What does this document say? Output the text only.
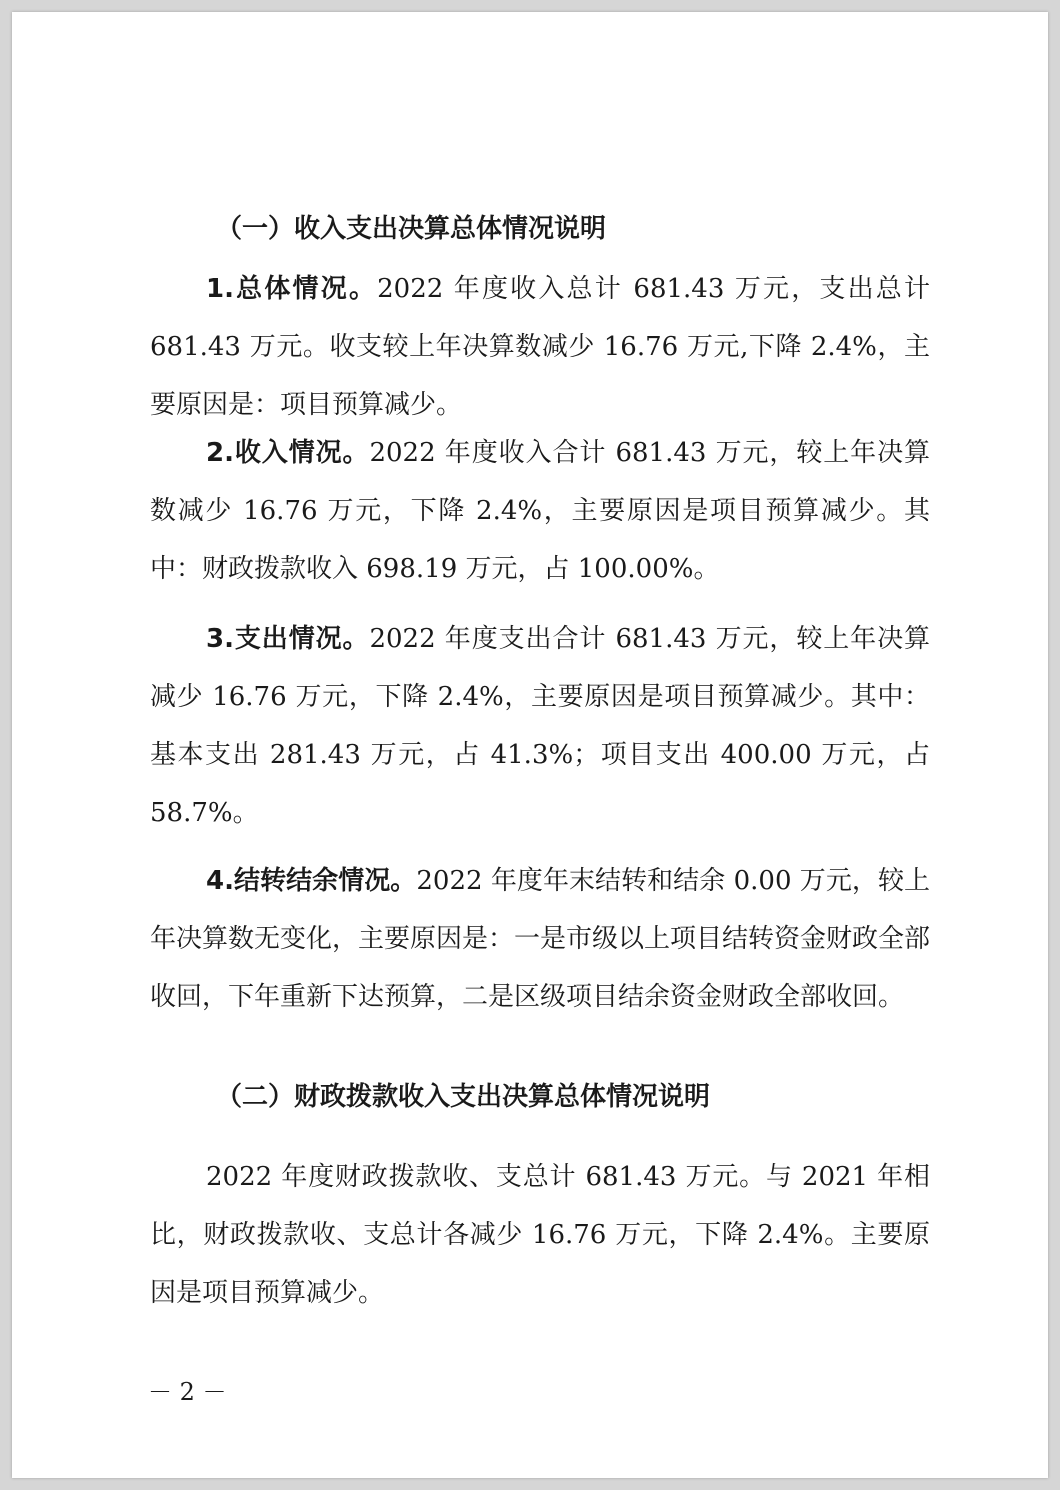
（一）收入支出决算总体情况说明
1.总体情况。2022 年度收入总计 681.43 万元，支出总计 681.43 万元。收支较上年决算数减少 16.76 万元,下降 2.4%，主要原因是：项目预算减少。
2.收入情况。2022 年度收入合计 681.43 万元，较上年决算数减少 16.76 万元，下降 2.4%，主要原因是项目预算减少。其中：财政拨款收入 698.19 万元，占 100.00%。
3.支出情况。2022 年度支出合计 681.43 万元，较上年决算减少 16.76 万元，下降 2.4%，主要原因是项目预算减少。其中：基本支出 281.43 万元，占 41.3%；项目支出 400.00 万元，占 58.7%。
4.结转结余情况。2022 年度年末结转和结余 0.00 万元，较上年决算数无变化，主要原因是：一是市级以上项目结转资金财政全部收回，下年重新下达预算，二是区级项目结余资金财政全部收回。
（二）财政拨款收入支出决算总体情况说明
2022 年度财政拨款收、支总计 681.43 万元。与 2021 年相比，财政拨款收、支总计各减少 16.76 万元，下降 2.4%。主要原因是项目预算减少。
－ 2 －
